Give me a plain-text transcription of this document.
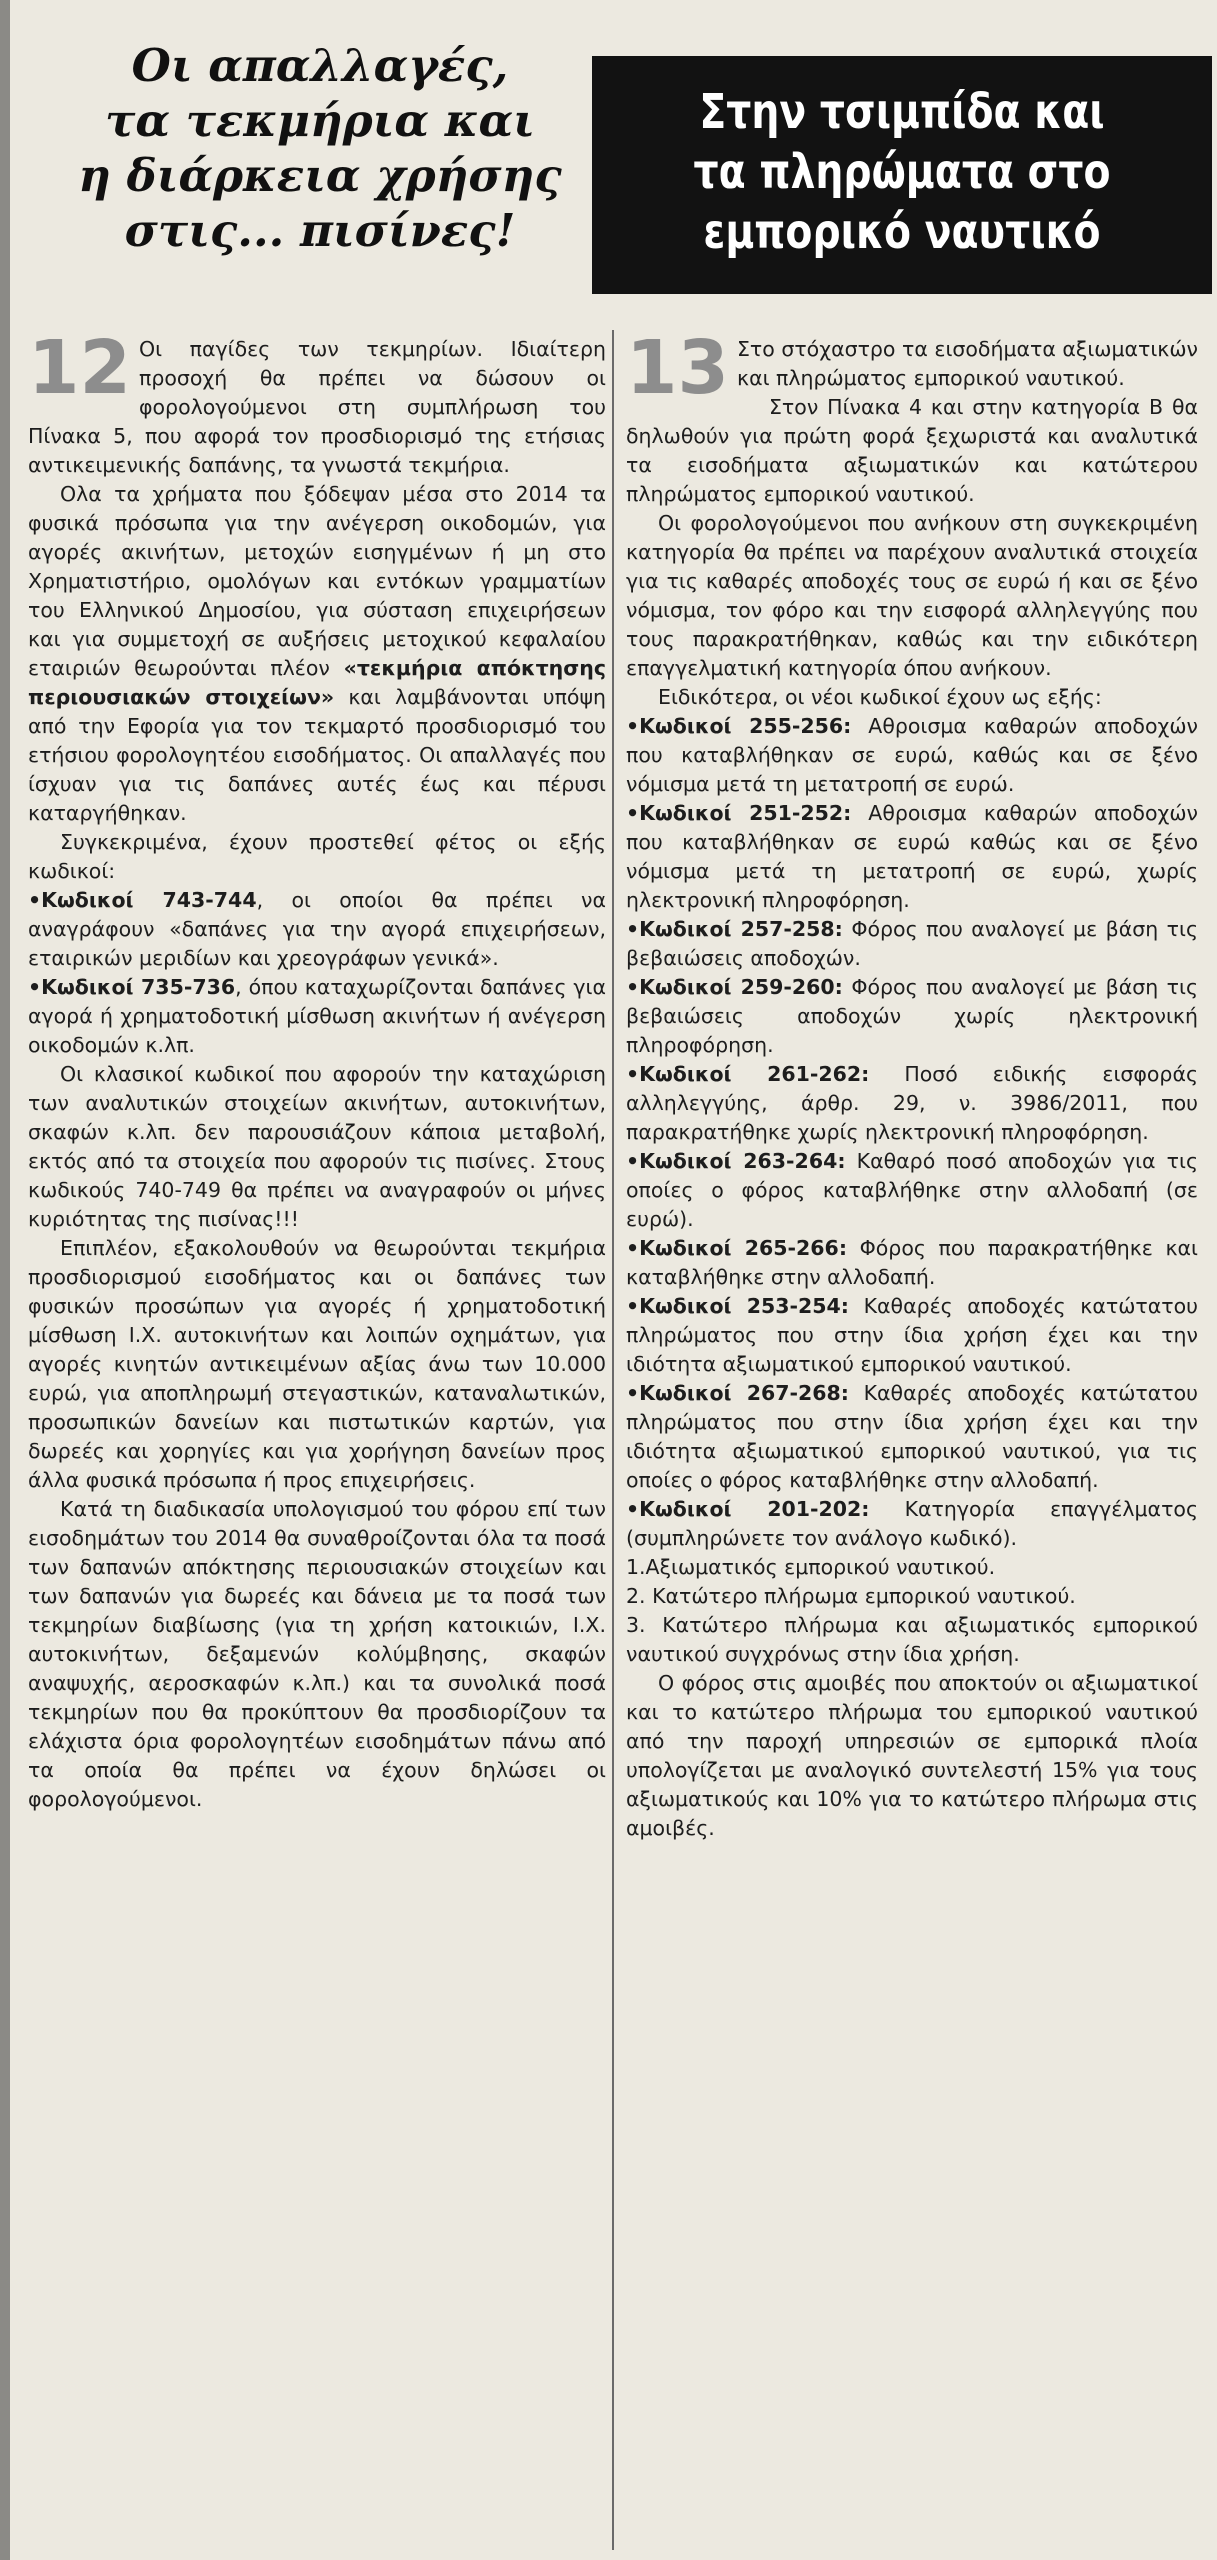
Οι απαλλαγές,
τα τεκμήρια και
η διάρκεια χρήσης
στις... πισίνες!
Στην τσιμπίδα και
τα πληρώματα στο
εμπορικό ναυτικό

12 Οι παγίδες των τεκμηρίων. Ιδιαίτερη προσοχή θα πρέπει να δώσουν οι φορολογούμενοι στη συμπλήρωση του Πίνακα 5, που αφορά τον προσδιορισμό της ετήσιας αντικειμενικής δαπάνης, τα γνωστά τεκμήρια.

Ολα τα χρήματα που ξόδεψαν μέσα στο 2014 τα φυσικά πρόσωπα για την ανέγερση οικοδομών, για αγορές ακινήτων, μετοχών εισηγμένων ή μη στο Χρηματιστήριο, ομολόγων και εντόκων γραμματίων του Ελληνικού Δημοσίου, για σύσταση επιχειρήσεων και για συμμετοχή σε αυξήσεις μετοχικού κεφαλαίου εταιριών θεωρούνται πλέον «τεκμήρια απόκτησης περιουσιακών στοιχείων» και λαμβάνονται υπόψη από την Εφορία για τον τεκμαρτό προσδιορισμό του ετήσιου φορολογητέου εισοδήματος. Οι απαλλαγές που ίσχυαν για τις δαπάνες αυτές έως και πέρυσι καταργήθηκαν.

Συγκεκριμένα, έχουν προστεθεί φέτος οι εξής κωδικοί:

•Κωδικοί 743-744, οι οποίοι θα πρέπει να αναγράφουν «δαπάνες για την αγορά επιχειρήσεων, εταιρικών μεριδίων και χρεογράφων γενικά».

•Κωδικοί 735-736, όπου καταχωρίζονται δαπάνες για αγορά ή χρηματοδοτική μίσθωση ακινήτων ή ανέγερση οικοδομών κ.λπ.

Οι κλασικοί κωδικοί που αφορούν την καταχώριση των αναλυτικών στοιχείων ακινήτων, αυτοκινήτων, σκαφών κ.λπ. δεν παρουσιάζουν κάποια μεταβολή, εκτός από τα στοιχεία που αφορούν τις πισίνες. Στους κωδικούς 740-749 θα πρέπει να αναγραφούν οι μήνες κυριότητας της πισίνας!!!

Επιπλέον, εξακολουθούν να θεωρούνται τεκμήρια προσδιορισμού εισοδήματος και οι δαπάνες των φυσικών προσώπων για αγορές ή χρηματοδοτική μίσθωση Ι.Χ. αυτοκινήτων και λοιπών οχημάτων, για αγορές κινητών αντικειμένων αξίας άνω των 10.000 ευρώ, για αποπληρωμή στεγαστικών, καταναλωτικών, προσωπικών δανείων και πιστωτικών καρτών, για δωρεές και χορηγίες και για χορήγηση δανείων προς άλλα φυσικά πρόσωπα ή προς επιχειρήσεις.

Κατά τη διαδικασία υπολογισμού του φόρου επί των εισοδημάτων του 2014 θα συναθροίζονται όλα τα ποσά των δαπανών απόκτησης περιουσιακών στοιχείων και των δαπανών για δωρεές και δάνεια με τα ποσά των τεκμηρίων διαβίωσης (για τη χρήση κατοικιών, Ι.Χ. αυτοκινήτων, δεξαμενών κολύμβησης, σκαφών αναψυχής, αεροσκαφών κ.λπ.) και τα συνολικά ποσά τεκμηρίων που θα προκύπτουν θα προσδιορίζουν τα ελάχιστα όρια φορολογητέων εισοδημάτων πάνω από τα οποία θα πρέπει να έχουν δηλώσει οι φορολογούμενοι.

13 Στο στόχαστρο τα εισοδήματα αξιωματικών και πληρώματος εμπορικού ναυτικού.

Στον Πίνακα 4 και στην κατηγορία Β θα δηλωθούν για πρώτη φορά ξεχωριστά και αναλυτικά τα εισοδήματα αξιωματικών και κατώτερου πληρώματος εμπορικού ναυτικού.

Οι φορολογούμενοι που ανήκουν στη συγκεκριμένη κατηγορία θα πρέπει να παρέχουν αναλυτικά στοιχεία για τις καθαρές αποδοχές τους σε ευρώ ή και σε ξένο νόμισμα, τον φόρο και την εισφορά αλληλεγγύης που τους παρακρατήθηκαν, καθώς και την ειδικότερη επαγγελματική κατηγορία όπου ανήκουν.

Ειδικότερα, οι νέοι κωδικοί έχουν ως εξής:

•Κωδικοί 255-256: Αθροισμα καθαρών αποδοχών που καταβλήθηκαν σε ευρώ, καθώς και σε ξένο νόμισμα μετά τη μετατροπή σε ευρώ.

•Κωδικοί 251-252: Αθροισμα καθαρών αποδοχών που καταβλήθηκαν σε ευρώ καθώς και σε ξένο νόμισμα μετά τη μετατροπή σε ευρώ, χωρίς ηλεκτρονική πληροφόρηση.

•Κωδικοί 257-258: Φόρος που αναλογεί με βάση τις βεβαιώσεις αποδοχών.

•Κωδικοί 259-260: Φόρος που αναλογεί με βάση τις βεβαιώσεις αποδοχών χωρίς ηλεκτρονική πληροφόρηση.

•Κωδικοί 261-262: Ποσό ειδικής εισφοράς αλληλεγγύης, άρθρ. 29, ν. 3986/2011, που παρακρατήθηκε χωρίς ηλεκτρονική πληροφόρηση.

•Κωδικοί 263-264: Καθαρό ποσό αποδοχών για τις οποίες ο φόρος καταβλήθηκε στην αλλοδαπή (σε ευρώ).

•Κωδικοί 265-266: Φόρος που παρακρατήθηκε και καταβλήθηκε στην αλλοδαπή.

•Κωδικοί 253-254: Καθαρές αποδοχές κατώτατου πληρώματος που στην ίδια χρήση έχει και την ιδιότητα αξιωματικού εμπορικού ναυτικού.

•Κωδικοί 267-268: Καθαρές αποδοχές κατώτατου πληρώματος που στην ίδια χρήση έχει και την ιδιότητα αξιωματικού εμπορικού ναυτικού, για τις οποίες ο φόρος καταβλήθηκε στην αλλοδαπή.

•Κωδικοί 201-202: Κατηγορία επαγγέλματος (συμπληρώνετε τον ανάλογο κωδικό).

1.Αξιωματικός εμπορικού ναυτικού.

2. Κατώτερο πλήρωμα εμπορικού ναυτικού.

3. Κατώτερο πλήρωμα και αξιωματικός εμπορικού ναυτικού συγχρόνως στην ίδια χρήση.

Ο φόρος στις αμοιβές που αποκτούν οι αξιωματικοί και το κατώτερο πλήρωμα του εμπορικού ναυτικού από την παροχή υπηρεσιών σε εμπορικά πλοία υπολογίζεται με αναλογικό συντελεστή 15% για τους αξιωματικούς και 10% για το κατώτερο πλήρωμα στις αμοιβές.
